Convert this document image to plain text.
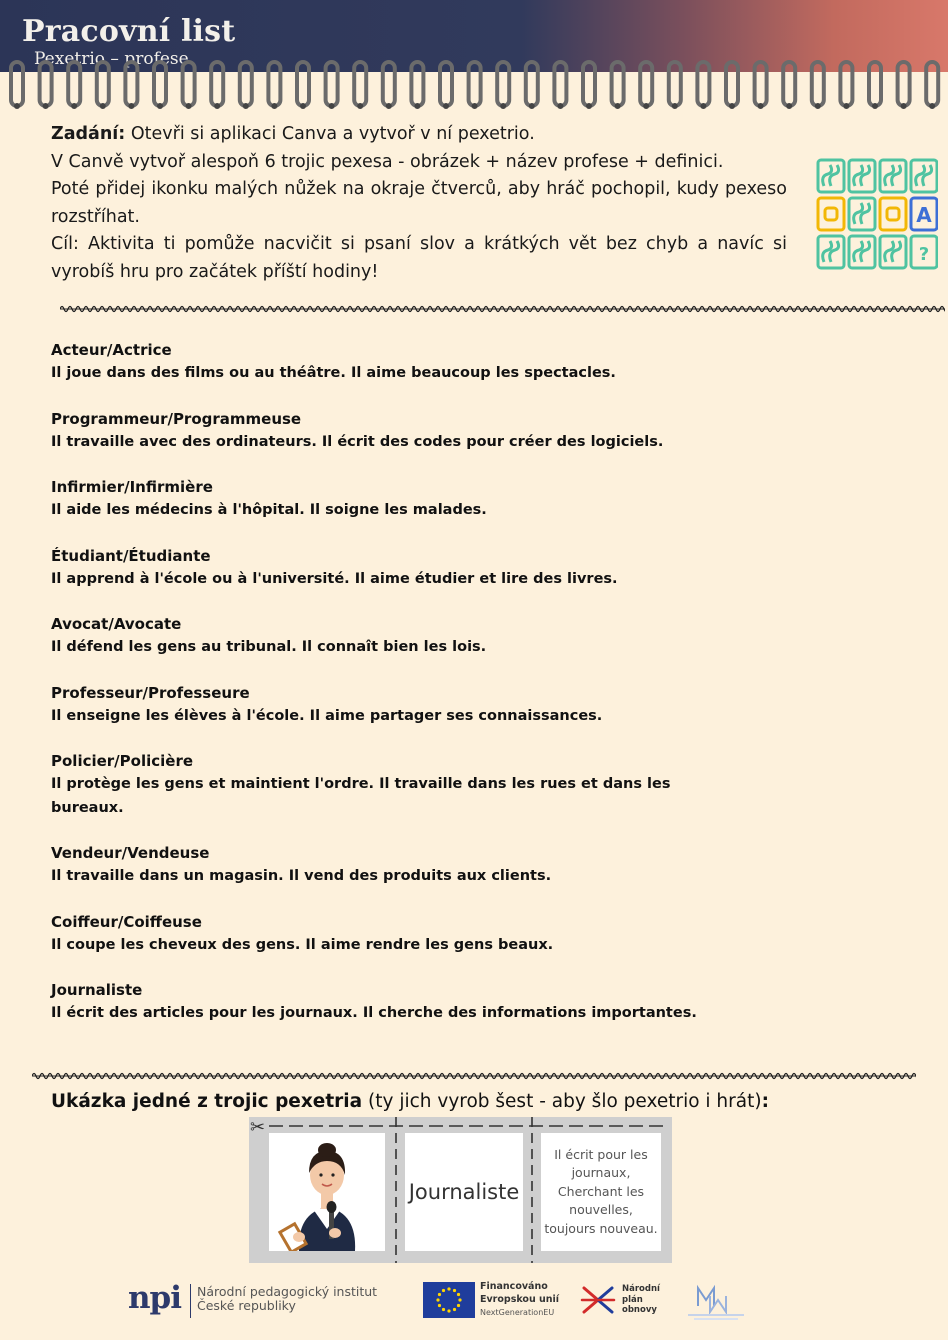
Pracovní list
Pexetrio – profese

Zadání: Otevři si aplikaci Canva a vytvoř v ní pexetrio.

V Canvě vytvoř alespoň 6 trojic pexesa - obrázek + název profese + definici.

Poté přidej ikonku malých nůžek na okraje čtverců, aby hráč pochopil, kudy pexeso rozstříhat.

Cíl: Aktivita ti pomůže nacvičit si psaní slov a krátkých vět bez chyb a navíc si vyrobíš hru pro začátek příští hodiny!

A
?
Acteur/Actrice
Il joue dans des films ou au théâtre. Il aime beaucoup les spectacles.
Programmeur/Programmeuse
Il travaille avec des ordinateurs. Il écrit des codes pour créer des logiciels.
Infirmier/Infirmière
Il aide les médecins à l'hôpital. Il soigne les malades.
Étudiant/Étudiante
Il apprend à l'école ou à l'université. Il aime étudier et lire des livres.
Avocat/Avocate
Il défend les gens au tribunal. Il connaît bien les lois.
Professeur/Professeure
Il enseigne les élèves à l'école. Il aime partager ses connaissances.
Policier/Policière
Il protège les gens et maintient l'ordre. Il travaille dans les rues et dans les bureaux.
Vendeur/Vendeuse
Il travaille dans un magasin. Il vend des produits aux clients.
Coiffeur/Coiffeuse
Il coupe les cheveux des gens. Il aime rendre les gens beaux.
Journaliste
Il écrit des articles pour les journaux. Il cherche des informations importantes.
Ukázka jedné z trojic pexetria (ty jich vyrob šest - aby šlo pexetrio i hrát):
✂
Journaliste
Il écrit pour les journaux, Cherchant les nouvelles, toujours nouveau.
npi Národní pedagogický institut
České republiky
Financováno
Evropskou unií
NextGenerationEU
Národní
plán
obnovy
